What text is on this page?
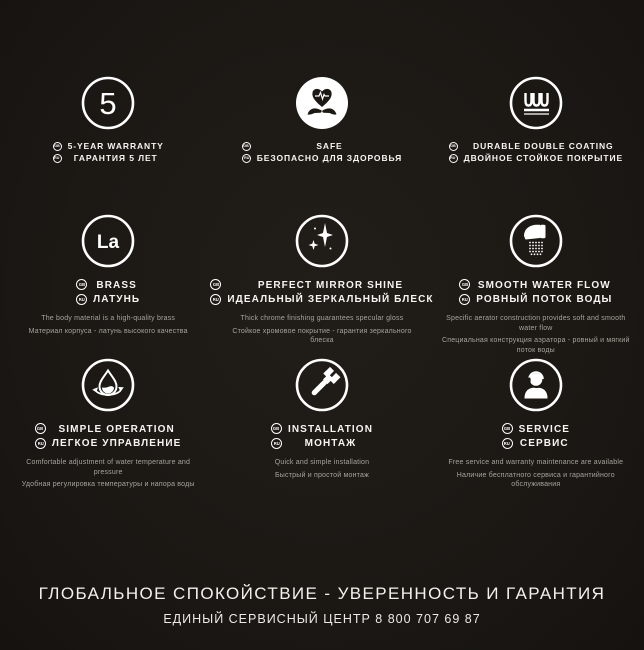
5
GB
RU
5-YEAR WARRANTY
ГАРАНТИЯ 5 ЛЕТ
GB
RU
SAFE
БЕЗОПАСНО ДЛЯ ЗДОРОВЬЯ
GB
RU
DURABLE DOUBLE COATING
ДВОЙНОЕ СТОЙКОЕ ПОКРЫТИЕ
La
GB
RU
BRASS
ЛАТУНЬ
The body material is a high-quality brass
Материал корпуса - латунь высокого качества
GB
RU
PERFECT MIRROR SHINE
ИДЕАЛЬНЫЙ ЗЕРКАЛЬНЫЙ БЛЕСК
Thick chrome finishing guarantees specular gloss
Стойкое хромовое покрытие - гарантия зеркального блеска
GB
RU
SMOOTH WATER FLOW
РОВНЫЙ ПОТОК ВОДЫ
Specific aerator construction provides soft and smooth water flow
Специальная конструкция аэратора - ровный и мягкий поток воды
GB
RU
SIMPLE OPERATION
ЛЕГКОЕ УПРАВЛЕНИЕ
Comfortable adjustment of water temperature and pressure
Удобная регулировка температуры и напора воды
GB
RU
INSTALLATION
МОНТАЖ
Quick and simple installation
Быстрый и простой монтаж
GB
RU
SERVICE
СЕРВИС
Free service and warranty maintenance are available
Наличие бесплатного сервиса и гарантийного обслуживания
ГЛОБАЛЬНОЕ СПОКОЙСТВИЕ - УВЕРЕННОСТЬ И ГАРАНТИЯ
ЕДИНЫЙ СЕРВИСНЫЙ ЦЕНТР 8 800 707 69 87
